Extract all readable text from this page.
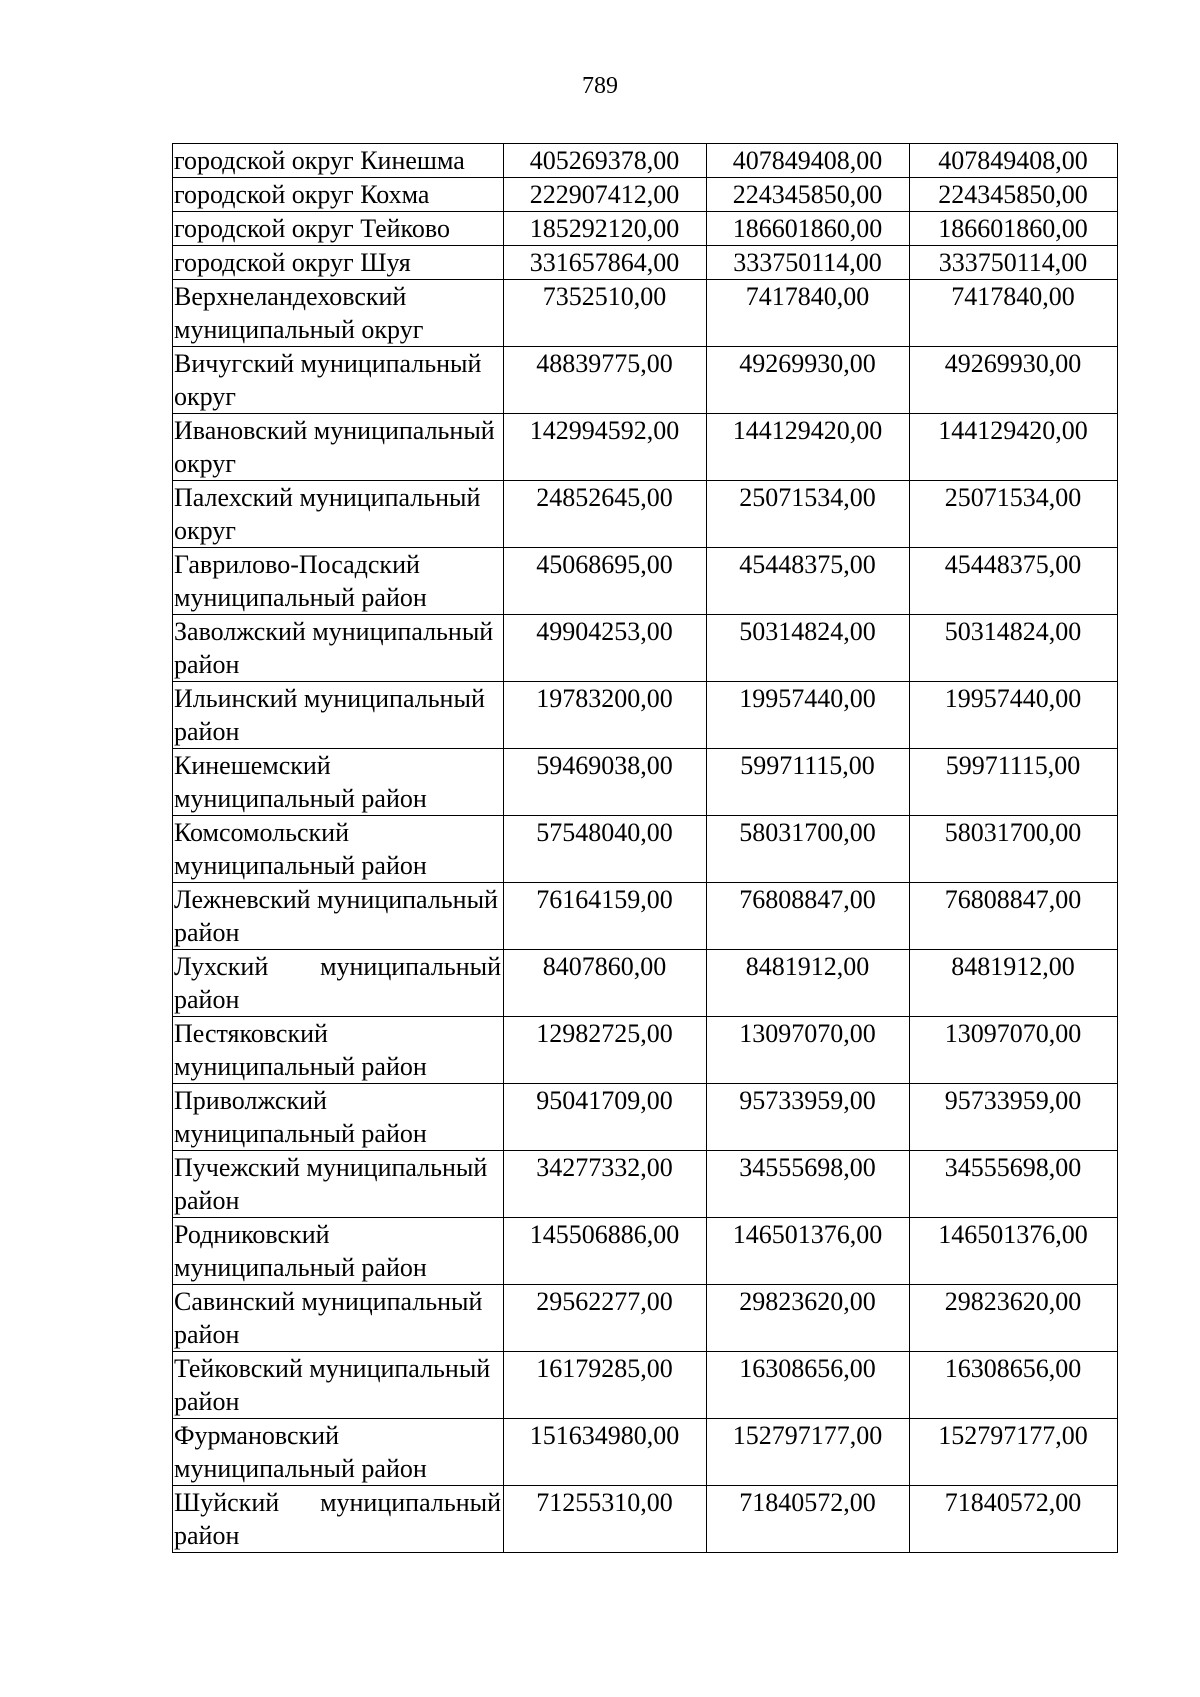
789
городской округ Кинешма	405269378,00	407849408,00	407849408,00
городской округ Кохма	222907412,00	224345850,00	224345850,00
городской округ Тейково	185292120,00	186601860,00	186601860,00
городской округ Шуя	331657864,00	333750114,00	333750114,00
Верхнеландеховский муниципальный округ	7352510,00	7417840,00	7417840,00
Вичугский муниципальный округ	48839775,00	49269930,00	49269930,00
Ивановский муниципальный округ	142994592,00	144129420,00	144129420,00
Палехский муниципальный округ	24852645,00	25071534,00	25071534,00
Гаврилово-Посадский муниципальный район	45068695,00	45448375,00	45448375,00
Заволжский муниципальный район	49904253,00	50314824,00	50314824,00
Ильинский муниципальный район	19783200,00	19957440,00	19957440,00
Кинешемский муниципальный район	59469038,00	59971115,00	59971115,00
Комсомольский муниципальный район	57548040,00	58031700,00	58031700,00
Лежневский муниципальный район	76164159,00	76808847,00	76808847,00
Лухский муниципальный район	8407860,00	8481912,00	8481912,00
Пестяковский муниципальный район	12982725,00	13097070,00	13097070,00
Приволжский муниципальный район	95041709,00	95733959,00	95733959,00
Пучежский муниципальный район	34277332,00	34555698,00	34555698,00
Родниковский муниципальный район	145506886,00	146501376,00	146501376,00
Савинский муниципальный район	29562277,00	29823620,00	29823620,00
Тейковский муниципальный район	16179285,00	16308656,00	16308656,00
Фурмановский муниципальный район	151634980,00	152797177,00	152797177,00
Шуйский муниципальный район	71255310,00	71840572,00	71840572,00
